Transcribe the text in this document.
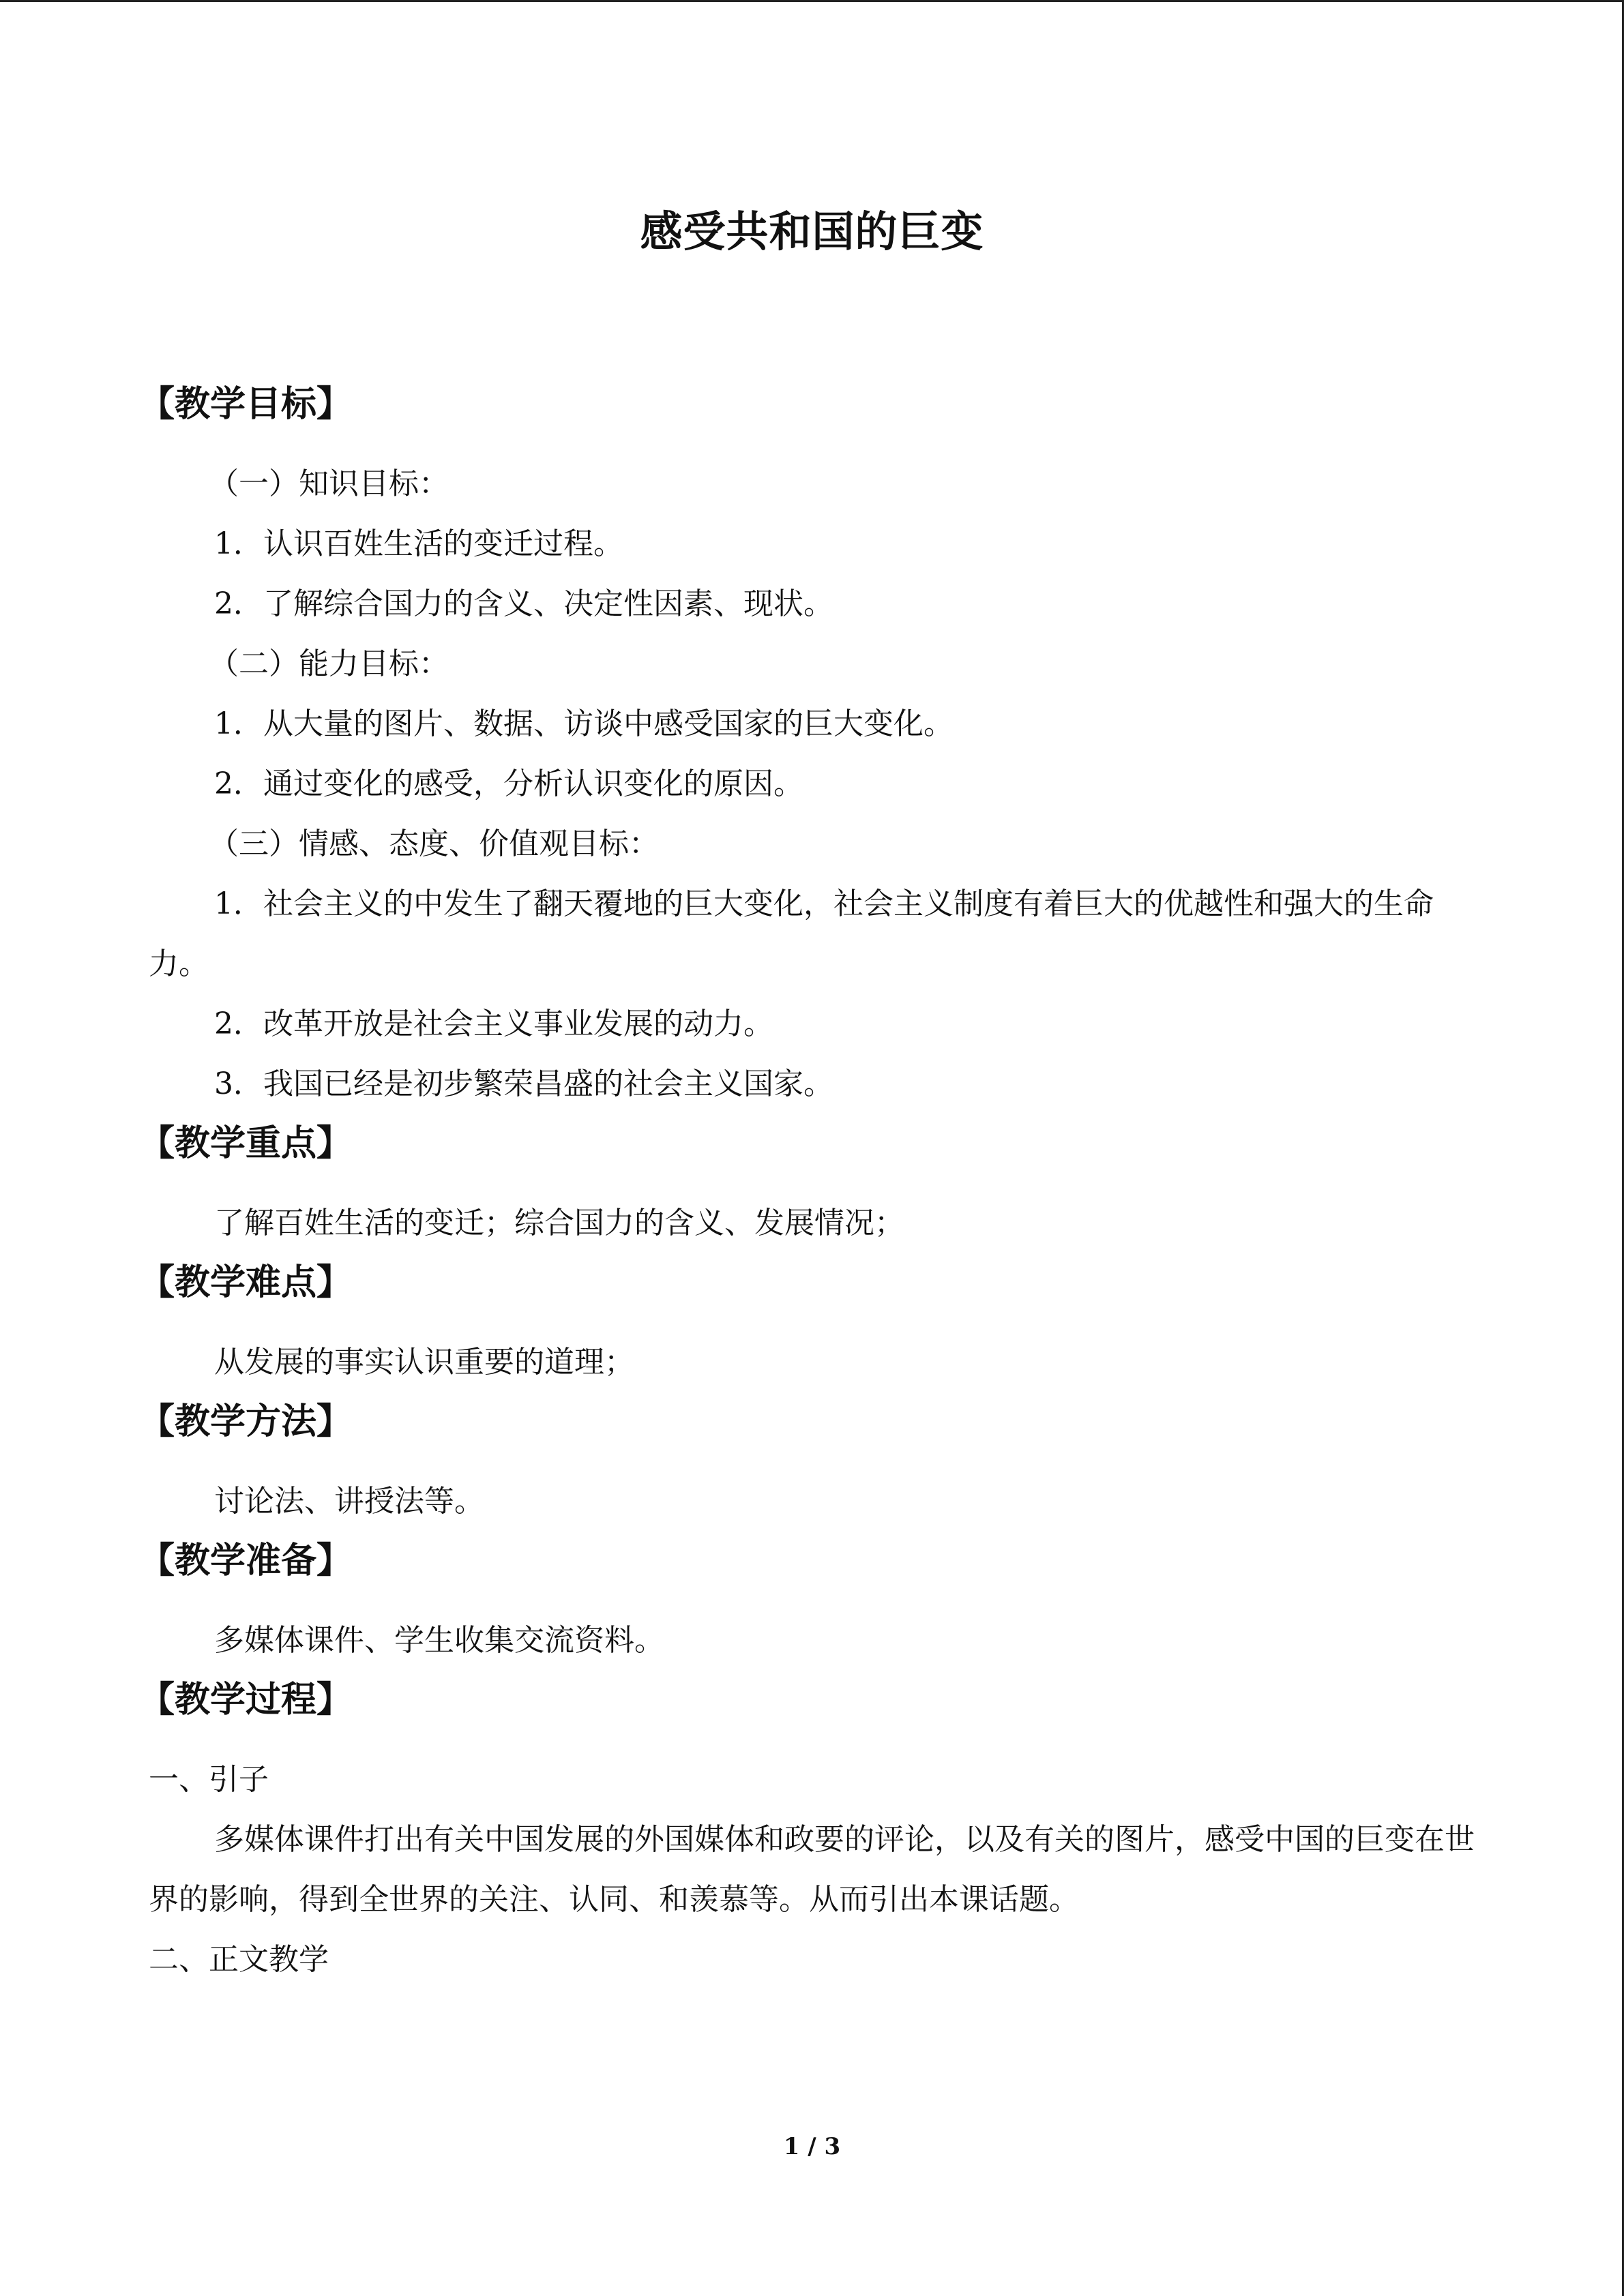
感受共和国的巨变
【教学目标】

（一）知识目标：

1．认识百姓生活的变迁过程。

2．了解综合国力的含义、决定性因素、现状。

（二）能力目标：

1．从大量的图片、数据、访谈中感受国家的巨大变化。

2．通过变化的感受，分析认识变化的原因。

（三）情感、态度、价值观目标：

1．社会主义的中发生了翻天覆地的巨大变化，社会主义制度有着巨大的优越性和强大的生命力。

2．改革开放是社会主义事业发展的动力。

3．我国已经是初步繁荣昌盛的社会主义国家。

【教学重点】

了解百姓生活的变迁；综合国力的含义、发展情况；

【教学难点】

从发展的事实认识重要的道理；

【教学方法】

讨论法、讲授法等。

【教学准备】

多媒体课件、学生收集交流资料。

【教学过程】

一、引子

多媒体课件打出有关中国发展的外国媒体和政要的评论，以及有关的图片，感受中国的巨变在世界的影响，得到全世界的关注、认同、和羡慕等。从而引出本课话题。

二、正文教学

1 / 3
